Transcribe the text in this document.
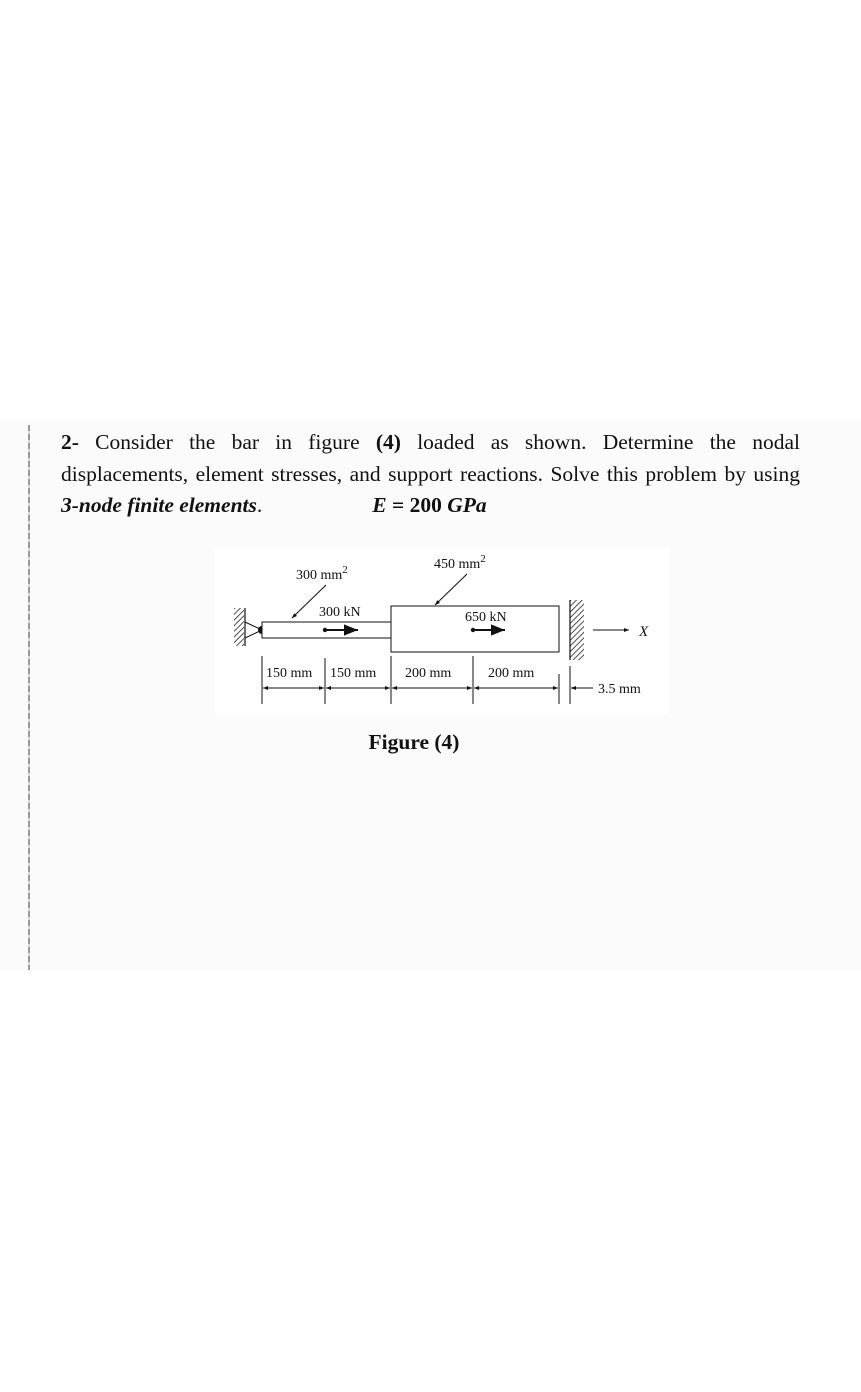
2- Consider the bar in figure (4) loaded as shown. Determine the nodal displacements, element stresses, and support reactions. Solve this problem by using 3-node finite elements.	E = 200 GPa
300 $mm^2$	450 $mm^2$
300 kN	650 kN
X
150 mm 150 mm 200 mm	200 mm
3.5 mm
Figure (4)
